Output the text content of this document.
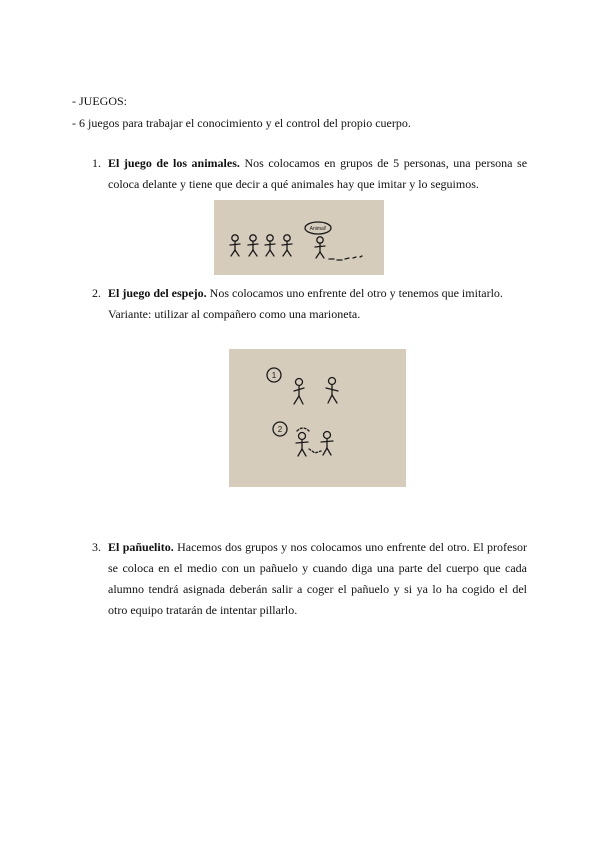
- JUEGOS:
- 6 juegos para trabajar el conocimiento y el control del propio cuerpo.
1. El juego de los animales. Nos colocamos en grupos de 5 personas, una persona se
coloca delante y tiene que decir a qué animales hay que imitar y lo seguimos.
Animal!
2. El juego del espejo. Nos colocamos uno enfrente del otro y tenemos que imitarlo.
Variante: utilizar al compañero como una marioneta.
1
2
3. El pañuelito. Hacemos dos grupos y nos colocamos uno enfrente del otro. El profesor
se coloca en el medio con un pañuelo y cuando diga una parte del cuerpo que cada
alumno tendrá asignada deberán salir a coger el pañuelo y si ya lo ha cogido el del
otro equipo tratarán de intentar pillarlo.
